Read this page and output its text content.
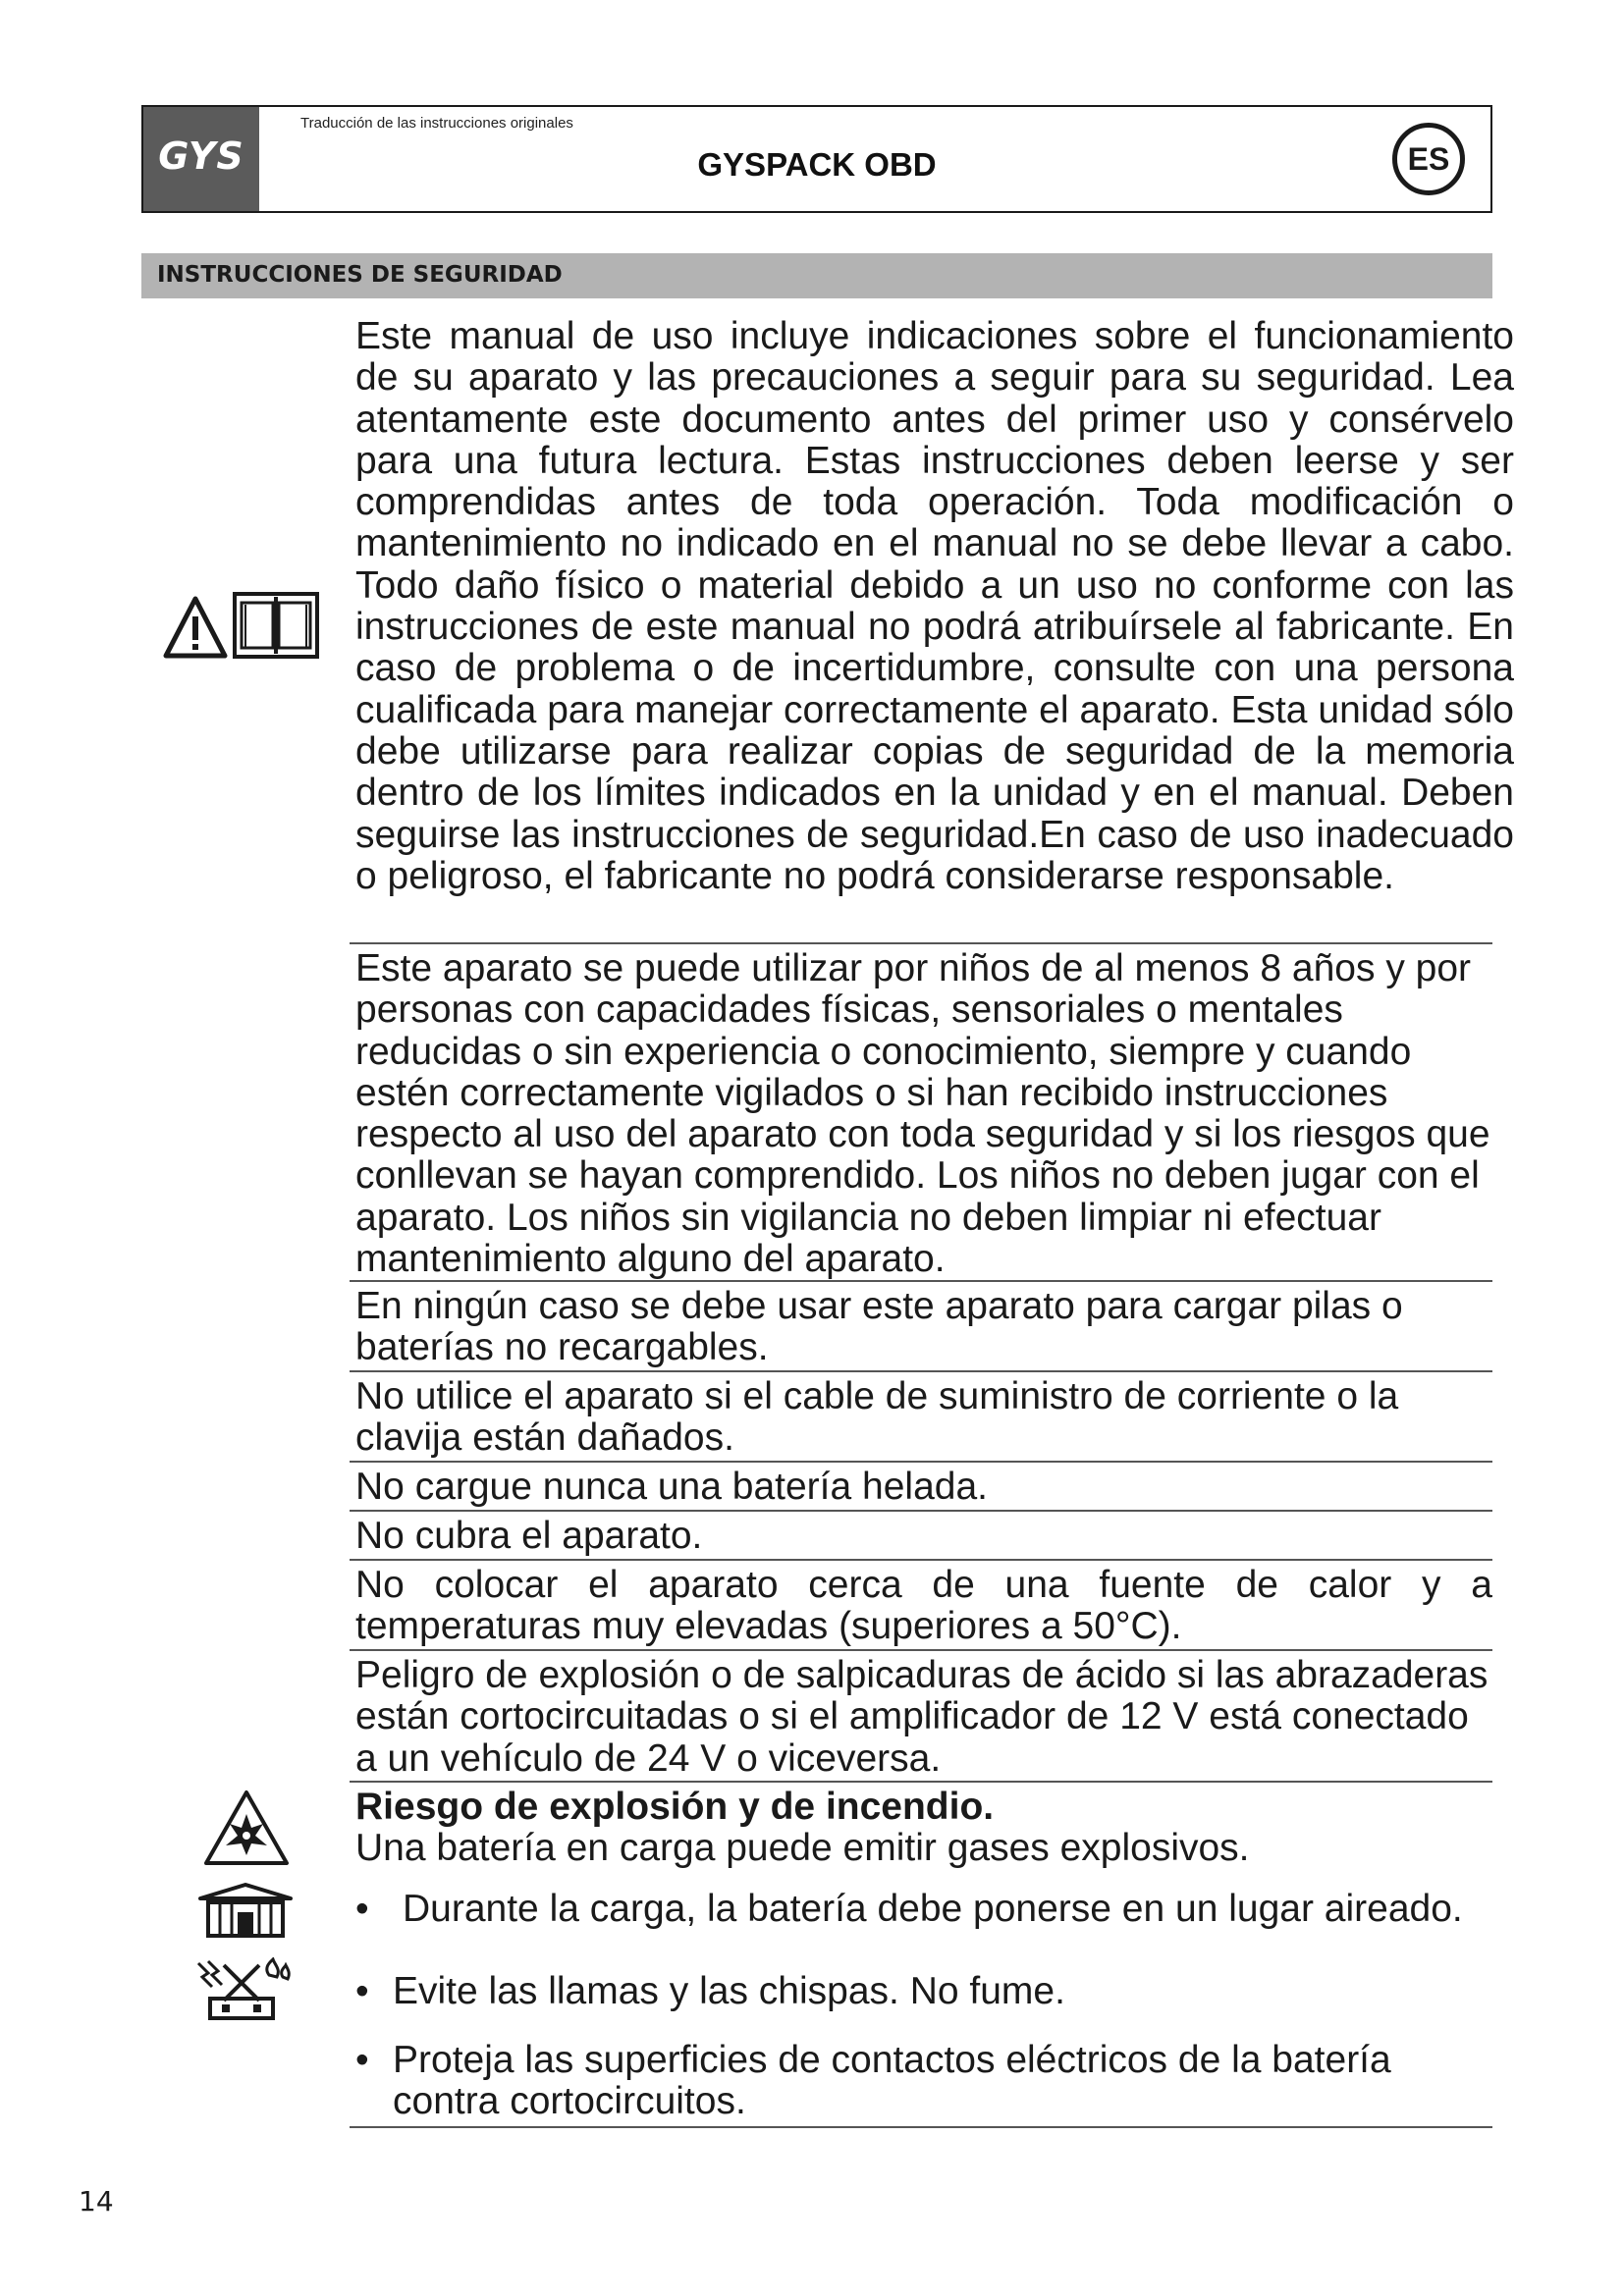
GYS
Traducción de las instrucciones originales
GYSPACK OBD	ES
INSTRUCCIONES DE SEGURIDAD
Este manual de uso incluye indicaciones sobre el funcionamiento de su aparato y las precauciones a seguir para su seguridad. Lea atentamente este documento antes del primer uso y consérvelo para una futura lectura. Estas instrucciones deben leerse y ser comprendidas antes de toda operación. Toda modificación o mantenimiento no indicado en el manual no se debe llevar a cabo. Todo daño físico o material debido a un uso no conforme con las instrucciones de este manual no podrá atribuírsele al fabricante. En caso de problema o de incertidumbre, consulte con una persona cualificada para manejar correctamente el aparato. Esta unidad sólo debe utilizarse para realizar copias de seguridad de la memoria dentro de los límites indicados en la unidad y en el manual. Deben seguirse las instrucciones de seguridad.En caso de uso inadecuado o peligroso, el fabricante no podrá considerarse responsable.
Este aparato se puede utilizar por niños de al menos 8 años y por personas con capacidades físicas, sensoriales o mentales reducidas o sin experiencia o conocimiento, siempre y cuando estén correctamente vigilados o si han recibido instrucciones respecto al uso del aparato con toda seguridad y si los riesgos que conllevan se hayan comprendido. Los niños no deben jugar con el aparato. Los niños sin vigilancia no deben limpiar ni efectuar mantenimiento alguno del aparato.
En ningún caso se debe usar este aparato para cargar pilas o baterías no recargables.
No utilice el aparato si el cable de suministro de corriente o la clavija están dañados.
No cargue nunca una batería helada.
No cubra el aparato.
No colocar el aparato cerca de una fuente de calor y a temperaturas muy elevadas (superiores a 50°C).
Peligro de explosión o de salpicaduras de ácido si las abrazaderas están cortocircuitadas o si el amplificador de 12 V está conectado a un vehículo de 24 V o viceversa.
Riesgo de explosión y de incendio.
Una batería en carga puede emitir gases explosivos.
• Durante la carga, la batería debe ponerse en un lugar aireado.
• Evite las llamas y las chispas. No fume.
• Proteja las superficies de contactos eléctricos de la batería contra cortocircuitos.
14
